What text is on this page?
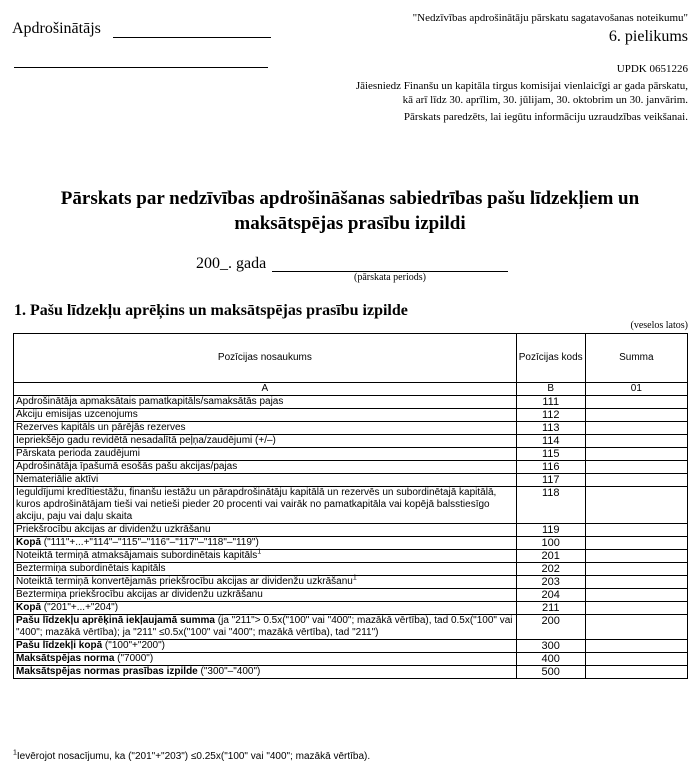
Apdrošinātājs
"Nedzīvības apdrošinātāju pārskatu sagatavošanas noteikumu"
6. pielikums
UPDK 0651226
Jāiesniedz Finanšu un kapitāla tirgus komisijai vienlaicīgi ar gada pārskatu,
kā arī līdz 30. aprīlim, 30. jūlijam, 30. oktobrim un 30. janvārim.
Pārskats paredzēts, lai iegūtu informāciju uzraudzības veikšanai.
Pārskats par nedzīvības apdrošināšanas sabiedrības pašu līdzekļiem un
maksātspējas prasību izpildi
200_. gada
(pārskata periods)
1. Pašu līdzekļu aprēķins un maksātspējas prasību izpilde
(veselos latos)
Pozīcijas nosaukums	Pozīcijas kods	Summa
A	B	01
Apdrošinātāja apmaksātais pamatkapitāls/samaksātās pajas	111	
Akciju emisijas uzcenojums	112	
Rezerves kapitāls un pārējās rezerves	113	
Iepriekšējo gadu revidētā nesadalītā peļņa/zaudējumi (+/–)	114	
Pārskata perioda zaudējumi	115	
Apdrošinātāja īpašumā esošās pašu akcijas/pajas	116	
Nemateriālie aktīvi	117	
Ieguldījumi kredītiestāžu, finanšu iestāžu un pārapdrošinātāju kapitālā un rezervēs un subordinētajā kapitālā, kuros apdrošinātājam tieši vai netieši pieder 20 procenti vai vairāk no pamatkapitāla vai kopējā balsstiesīgo akciju, paju vai daļu skaita	118	
Priekšrocību akcijas ar dividenžu uzkrāšanu	119	
Kopā ("111"+...+"114"–"115"–"116"–"117"–"118"–"119")	100	
Noteiktā termiņā atmaksājamais subordinētais kapitāls$^1$	201	
Beztermiņa subordinētais kapitāls	202	
Noteiktā termiņā konvertējamās priekšrocību akcijas ar dividenžu uzkrāšanu$^1$	203	
Beztermiņa priekšrocību akcijas ar dividenžu uzkrāšanu	204	
Kopā ("201"+...+"204")	211	
Pašu līdzekļu aprēķinā iekļaujamā summa (ja "211"> 0.5x("100" vai "400"; mazākā vērtība), tad 0.5x("100" vai "400"; mazākā vērtība); ja "211" ≤0.5x("100" vai "400"; mazākā vērtība), tad "211")	200	
Pašu līdzekļi kopā ("100"+"200")	300	
Maksātspējas norma ("7000")	400	
Maksātspējas normas prasības izpilde ("300"–"400")	500	
$^1$Ievērojot nosacījumu, ka ("201"+"203") ≤0.25x("100" vai "400"; mazākā vērtība).
